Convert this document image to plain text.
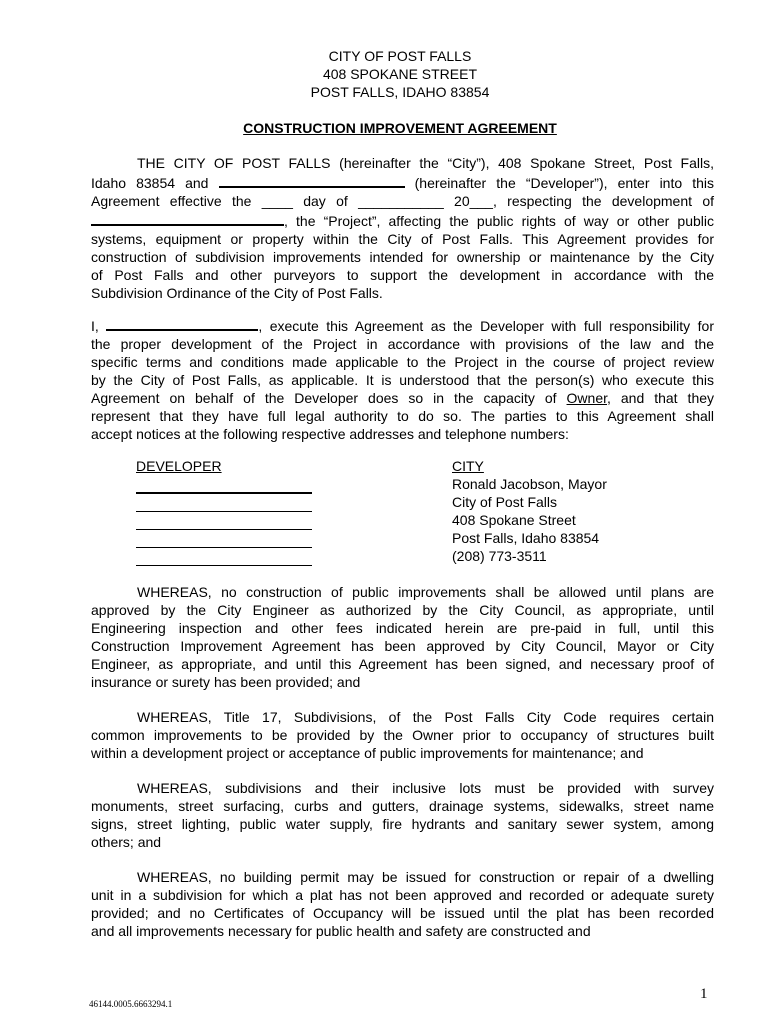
CITY OF POST FALLS
408 SPOKANE STREET
POST FALLS, IDAHO 83854
CONSTRUCTION IMPROVEMENT AGREEMENT
THE CITY OF POST FALLS (hereinafter the “City”), 408 Spokane Street, Post Falls,
Idaho 83854 and	(hereinafter the “Developer”), enter into this
Agreement effective the ____ day of ___________ 20___, respecting the development of
, the “Project”, affecting the public rights of way or other public
systems, equipment or property within the City of Post Falls. This Agreement provides for
construction of subdivision improvements intended for ownership or maintenance by the City
of Post Falls and other purveyors to support the development in accordance with the
Subdivision Ordinance of the City of Post Falls.
I,	, execute this Agreement as the Developer with full responsibility for
the proper development of the Project in accordance with provisions of the law and the
specific terms and conditions made applicable to the Project in the course of project review
by the City of Post Falls, as applicable. It is understood that the person(s) who execute this
Agreement on behalf of the Developer does so in the capacity of Owner, and that they
represent that they have full legal authority to do so. The parties to this Agreement shall
accept notices at the following respective addresses and telephone numbers:
DEVELOPER	CITY
Ronald Jacobson, Mayor
City of Post Falls
408 Spokane Street
Post Falls, Idaho 83854
(208) 773-3511
WHEREAS, no construction of public improvements shall be allowed until plans are
approved by the City Engineer as authorized by the City Council, as appropriate, until
Engineering inspection and other fees indicated herein are pre-paid in full, until this
Construction Improvement Agreement has been approved by City Council, Mayor or City
Engineer, as appropriate, and until this Agreement has been signed, and necessary proof of
insurance or surety has been provided; and
WHEREAS, Title 17, Subdivisions, of the Post Falls City Code requires certain
common improvements to be provided by the Owner prior to occupancy of structures built
within a development project or acceptance of public improvements for maintenance; and
WHEREAS, subdivisions and their inclusive lots must be provided with survey
monuments, street surfacing, curbs and gutters, drainage systems, sidewalks, street name
signs, street lighting, public water supply, fire hydrants and sanitary sewer system, among
others; and
WHEREAS, no building permit may be issued for construction or repair of a dwelling
unit in a subdivision for which a plat has not been approved and recorded or adequate surety
provided; and no Certificates of Occupancy will be issued until the plat has been recorded
and all improvements necessary for public health and safety are constructed and
46144.0005.6663294.1
1
